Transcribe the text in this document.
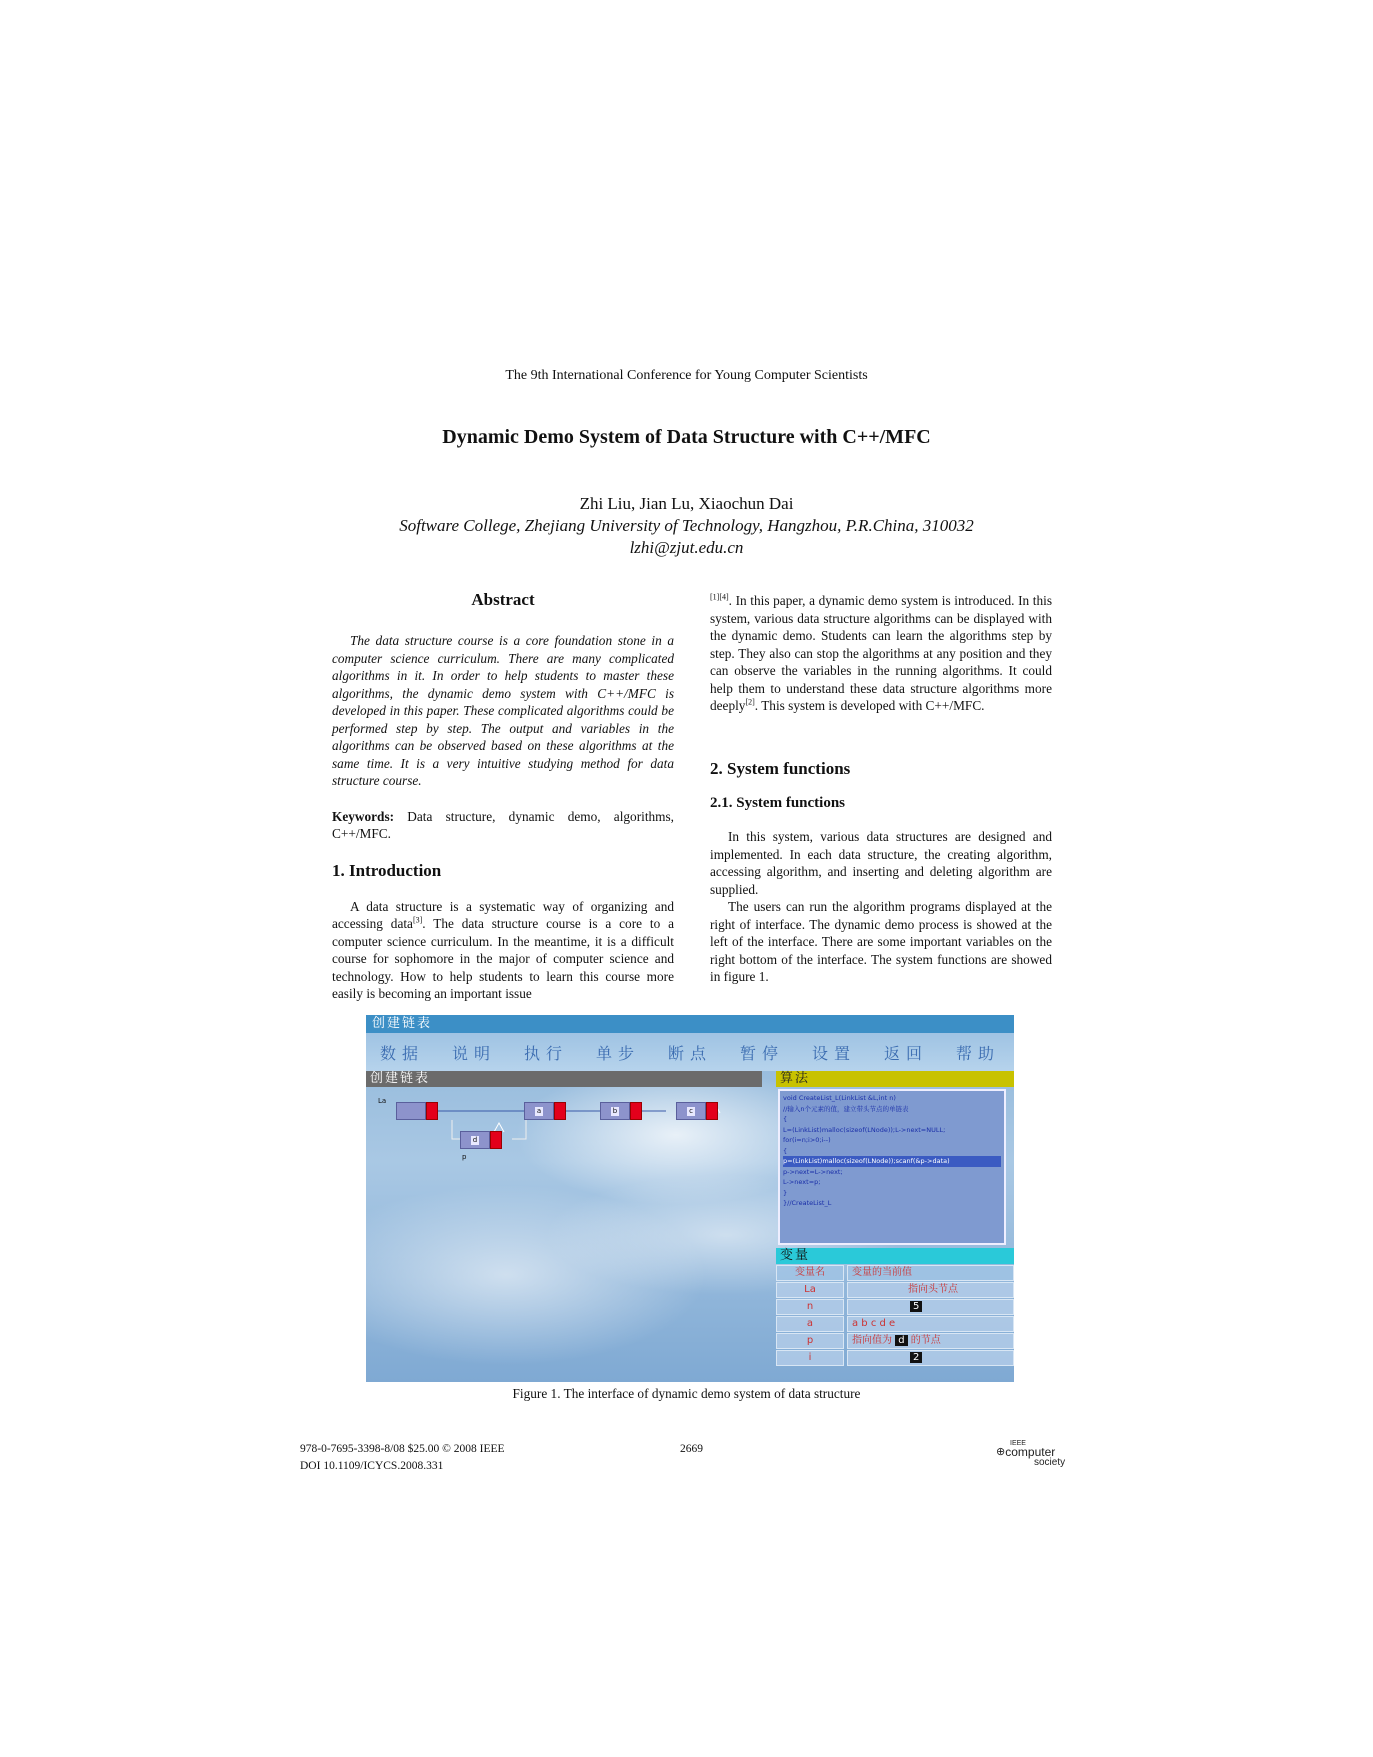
The 9th International Conference for Young Computer Scientists
Dynamic Demo System of Data Structure with C++/MFC
Zhi Liu, Jian Lu, Xiaochun Dai
Software College, Zhejiang University of Technology, Hangzhou, P.R.China, 310032
lzhi@zjut.edu.cn
Abstract

The data structure course is a core foundation stone in a computer science curriculum. There are many complicated algorithms in it. In order to help students to master these algorithms, the dynamic demo system with C++/MFC is developed in this paper. These complicated algorithms could be performed step by step. The output and variables in the algorithms can be observed based on these algorithms at the same time. It is a very intuitive studying method for data structure course.

Keywords: Data structure, dynamic demo, algorithms, C++/MFC.

1. Introduction

A data structure is a systematic way of organizing and accessing data[3]. The data structure course is a core to a computer science curriculum. In the meantime, it is a difficult course for sophomore in the major of computer science and technology. How to help students to learn this course more easily is becoming an important issue

[1][4]. In this paper, a dynamic demo system is introduced. In this system, various data structure algorithms can be displayed with the dynamic demo. Students can learn the algorithms step by step. They also can stop the algorithms at any position and they can observe the variables in the running algorithms. It could help them to understand these data structure algorithms more deeply[2]. This system is developed with C++/MFC.

2. System functions
2.1. System functions

In this system, various data structures are designed and implemented. In each data structure, the creating algorithm, accessing algorithm, and inserting and deleting algorithm are supplied.

The users can run the algorithm programs displayed at the right of interface. The dynamic demo process is showed at the left of the interface. There are some important variables on the right bottom of the interface. The system functions are showed in figure 1.

创建链表
数据 说明 执行 单步 断点 暂停 设置 返回 帮助
创建链表	算法
La
a	b	c
d
p
void CreateList_L(LinkList &L,int n)
//输入n个元素的值，建立带头节点的单链表
{
L=(LinkList)malloc(sizeof(LNode));L->next=NULL;
for(i=n;i>0;i--)
{
p=(LinkList)malloc(sizeof(LNode));scanf(&p->data)
p->next=L->next;
L->next=p;
}
}//CreateList_L
变量
变量名	变量的当前值
La	指向头节点
n	5
a	a b c d e
p	指向值为 d 的节点
i	2
Figure 1. The interface of dynamic demo system of data structure
978-0-7695-3398-8/08 $25.00 © 2008 IEEE
DOI 10.1109/ICYCS.2008.331
2669	IEEE
⊕ computer
society
